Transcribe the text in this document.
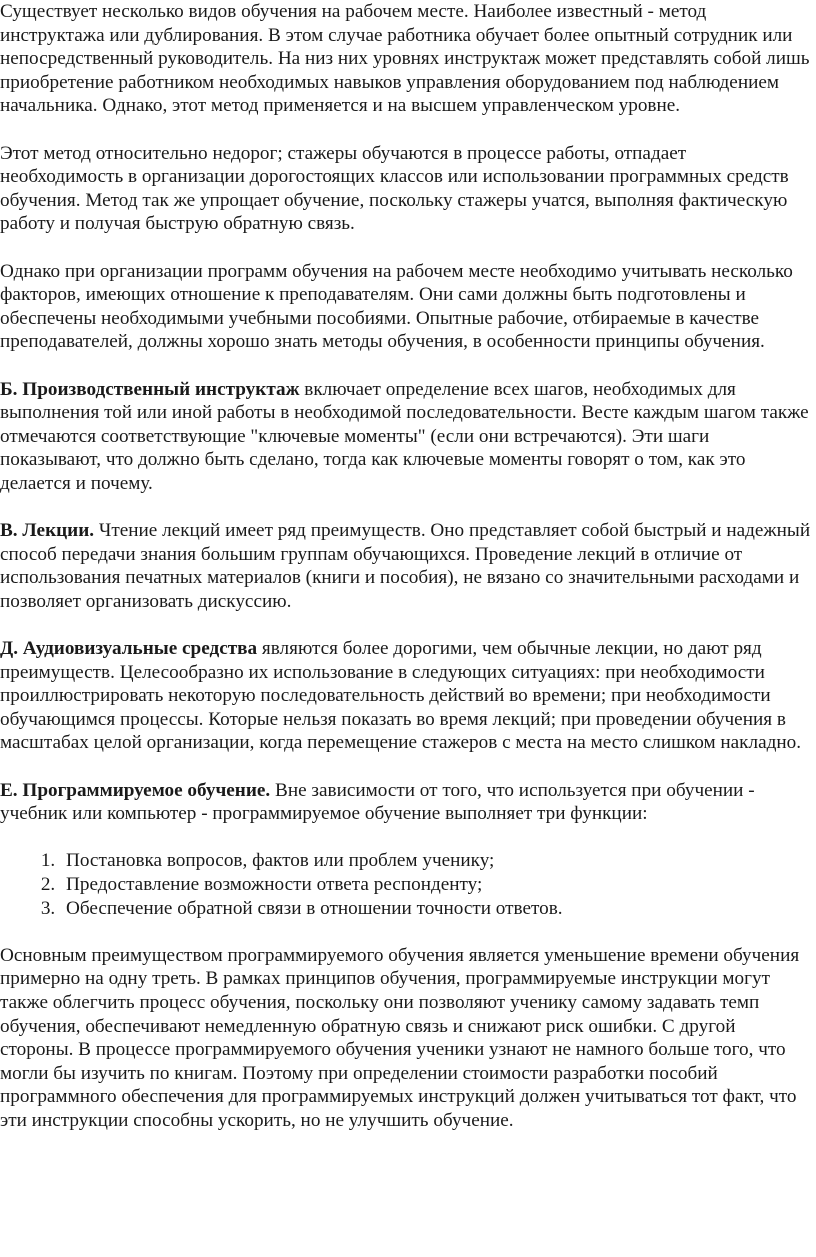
Существует несколько видов обучения на рабочем месте. Наиболее известный - метод инструктажа или дублирования. В этом случае работника обучает более опытный сотрудник или непосредственный руководитель. На низ них уровнях инструктаж может представлять собой лишь приобретение работником необходимых навыков управления оборудованием под наблюдением начальника. Однако, этот метод применяется и на высшем управленческом уровне.

Этот метод относительно недорог; стажеры обучаются в процессе работы, отпадает необходимость в организации дорогостоящих классов или использовании программных средств обучения. Метод так же упрощает обучение, поскольку стажеры учатся, выполняя фактическую работу и получая быструю обратную связь.

Однако при организации программ обучения на рабочем месте необходимо учитывать несколько факторов, имеющих отношение к преподавателям. Они сами должны быть подготовлены и обеспечены необходимыми учебными пособиями. Опытные рабочие, отбираемые в качестве преподавателей, должны хорошо знать методы обучения, в особенности принципы обучения.

Б. Производственный инструктаж включает определение всех шагов, необходимых для выполнения той или иной работы в необходимой последовательности. Весте каждым шагом также отмечаются соответствующие "ключевые моменты" (если они встречаются). Эти шаги показывают, что должно быть сделано, тогда как ключевые моменты говорят о том, как это делается и почему.

В. Лекции. Чтение лекций имеет ряд преимуществ. Оно представляет собой быстрый и надежный способ передачи знания большим группам обучающихся. Проведение лекций в отличие от использования печатных материалов (книги и пособия), не вязано со значительными расходами и позволяет организовать дискуссию.

Д. Аудиовизуальные средства являются более дорогими, чем обычные лекции, но дают ряд преимуществ. Целесообразно их использование в следующих ситуациях: при необходимости проиллюстрировать некоторую последовательность действий во времени; при необходимости обучающимся процессы. Которые нельзя показать во время лекций; при проведении обучения в масштабах целой организации, когда перемещение стажеров с места на место слишком накладно.

Е. Программируемое обучение. Вне зависимости от того, что используется при обучении - учебник или компьютер - программируемое обучение выполняет три функции:

1. Постановка вопросов, фактов или проблем ученику;
2. Предоставление возможности ответа респонденту;
3. Обеспечение обратной связи в отношении точности ответов.

Основным преимуществом программируемого обучения является уменьшение времени обучения примерно на одну треть. В рамках принципов обучения, программируемые инструкции могут также облегчить процесс обучения, поскольку они позволяют ученику самому задавать темп обучения, обеспечивают немедленную обратную связь и снижают риск ошибки. С другой стороны. В процессе программируемого обучения ученики узнают не намного больше того, что могли бы изучить по книгам. Поэтому при определении стоимости разработки пособий программного обеспечения для программируемых инструкций должен учитываться тот факт, что эти инструкции способны ускорить, но не улучшить обучение.
